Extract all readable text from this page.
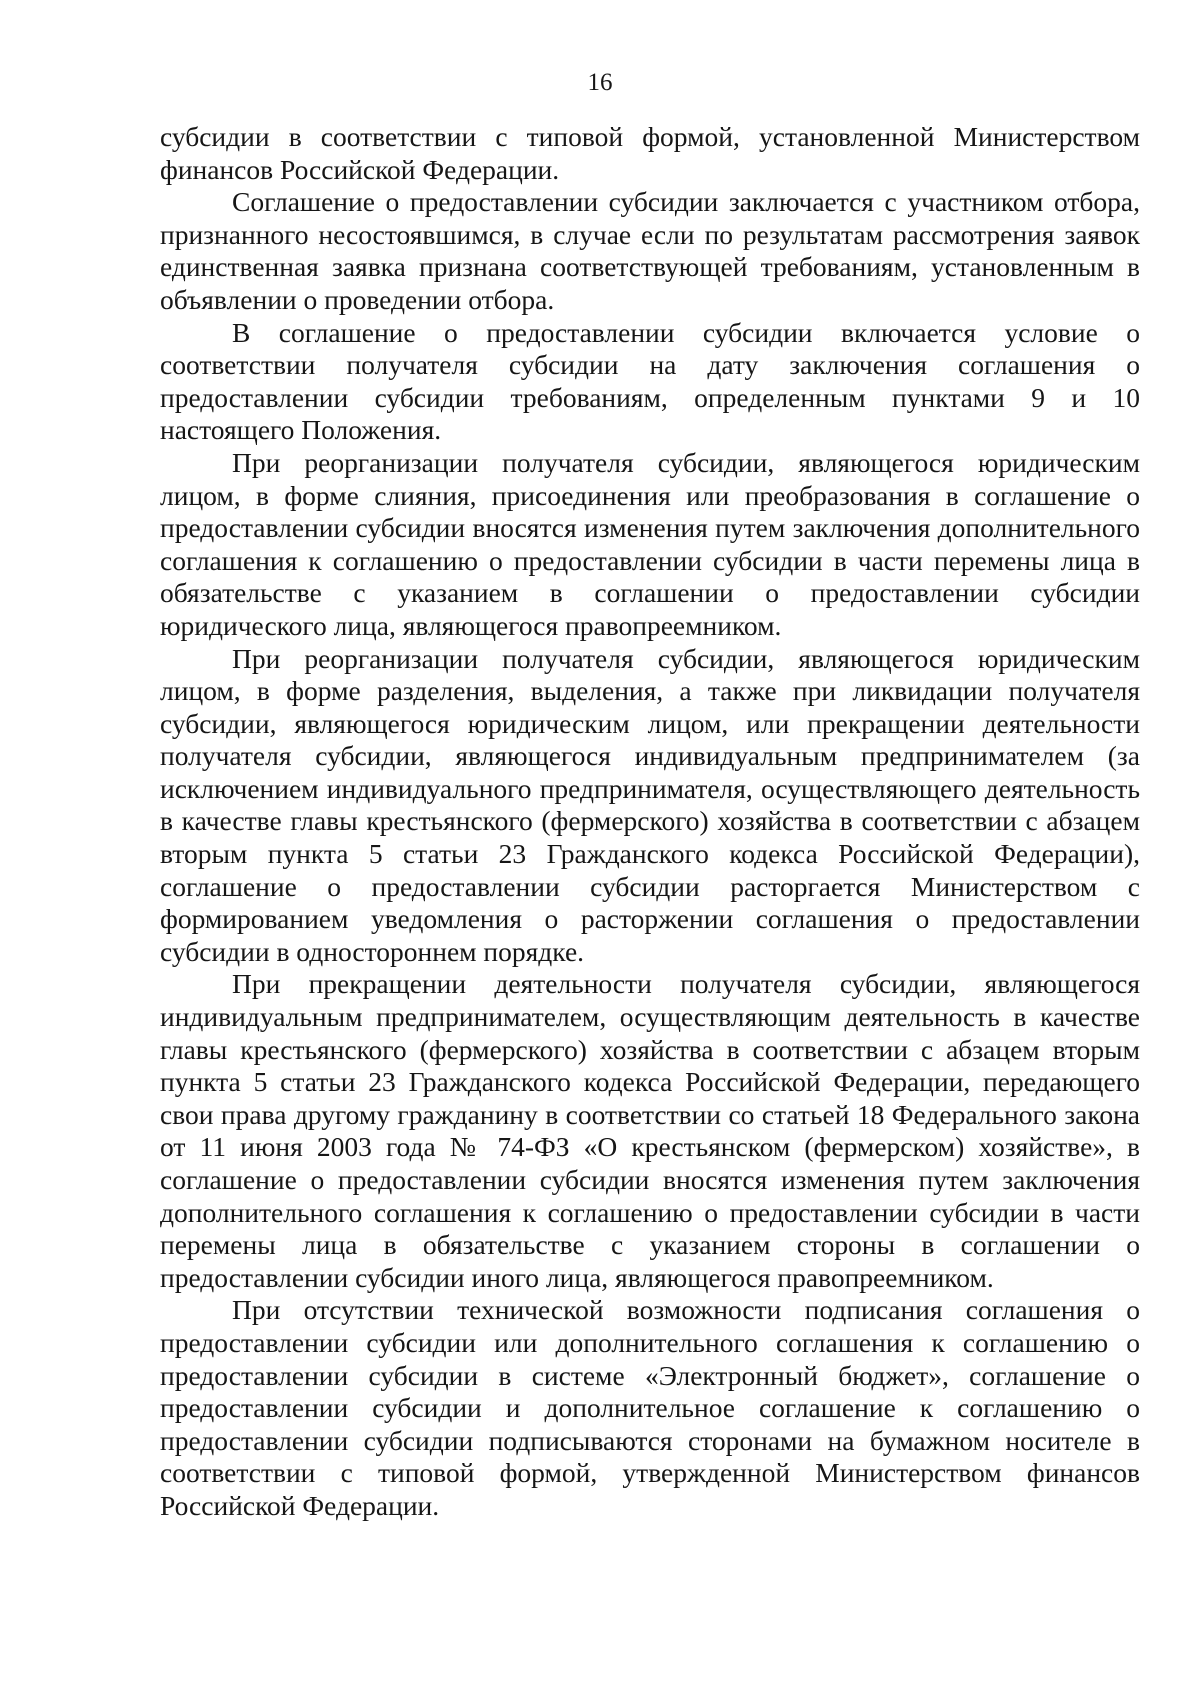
16

субсидии в соответствии с типовой формой, установленной Министерством финансов Российской Федерации.

Соглашение о предоставлении субсидии заключается с участником отбора, признанного несостоявшимся, в случае если по результатам рассмотрения заявок единственная заявка признана соответствующей требованиям, установленным в объявлении о проведении отбора.

В соглашение о предоставлении субсидии включается условие о соответствии получателя субсидии на дату заключения соглашения о предоставлении субсидии требованиям, определенным пунктами 9 и 10 настоящего Положения.

При реорганизации получателя субсидии, являющегося юридическим лицом, в форме слияния, присоединения или преобразования в соглашение о предоставлении субсидии вносятся изменения путем заключения дополнительного соглашения к соглашению о предоставлении субсидии в части перемены лица в обязательстве с указанием в соглашении о предоставлении субсидии юридического лица, являющегося правопреемником.

При реорганизации получателя субсидии, являющегося юридическим лицом, в форме разделения, выделения, а также при ликвидации получателя субсидии, являющегося юридическим лицом, или прекращении деятельности получателя субсидии, являющегося индивидуальным предпринимателем (за исключением индивидуального предпринимателя, осуществляющего деятельность в качестве главы крестьянского (фермерского) хозяйства в соответствии с абзацем вторым пункта 5 статьи 23 Гражданского кодекса Российской Федерации), соглашение о предоставлении субсидии расторгается Министерством с формированием уведомления о расторжении соглашения о предоставлении субсидии в одностороннем порядке.

При прекращении деятельности получателя субсидии, являющегося индивидуальным предпринимателем, осуществляющим деятельность в качестве главы крестьянского (фермерского) хозяйства в соответствии с абзацем вторым пункта 5 статьи 23 Гражданского кодекса Российской Федерации, передающего свои права другому гражданину в соответствии со статьей 18 Федерального закона от 11 июня 2003 года № 74-ФЗ «О крестьянском (фермерском) хозяйстве», в соглашение о предоставлении субсидии вносятся изменения путем заключения дополнительного соглашения к соглашению о предоставлении субсидии в части перемены лица в обязательстве с указанием стороны в соглашении о предоставлении субсидии иного лица, являющегося правопреемником.

При отсутствии технической возможности подписания соглашения о предоставлении субсидии или дополнительного соглашения к соглашению о предоставлении субсидии в системе «Электронный бюджет», соглашение о предоставлении субсидии и дополнительное соглашение к соглашению о предоставлении субсидии подписываются сторонами на бумажном носителе в соответствии с типовой формой, утвержденной Министерством финансов Российской Федерации.
